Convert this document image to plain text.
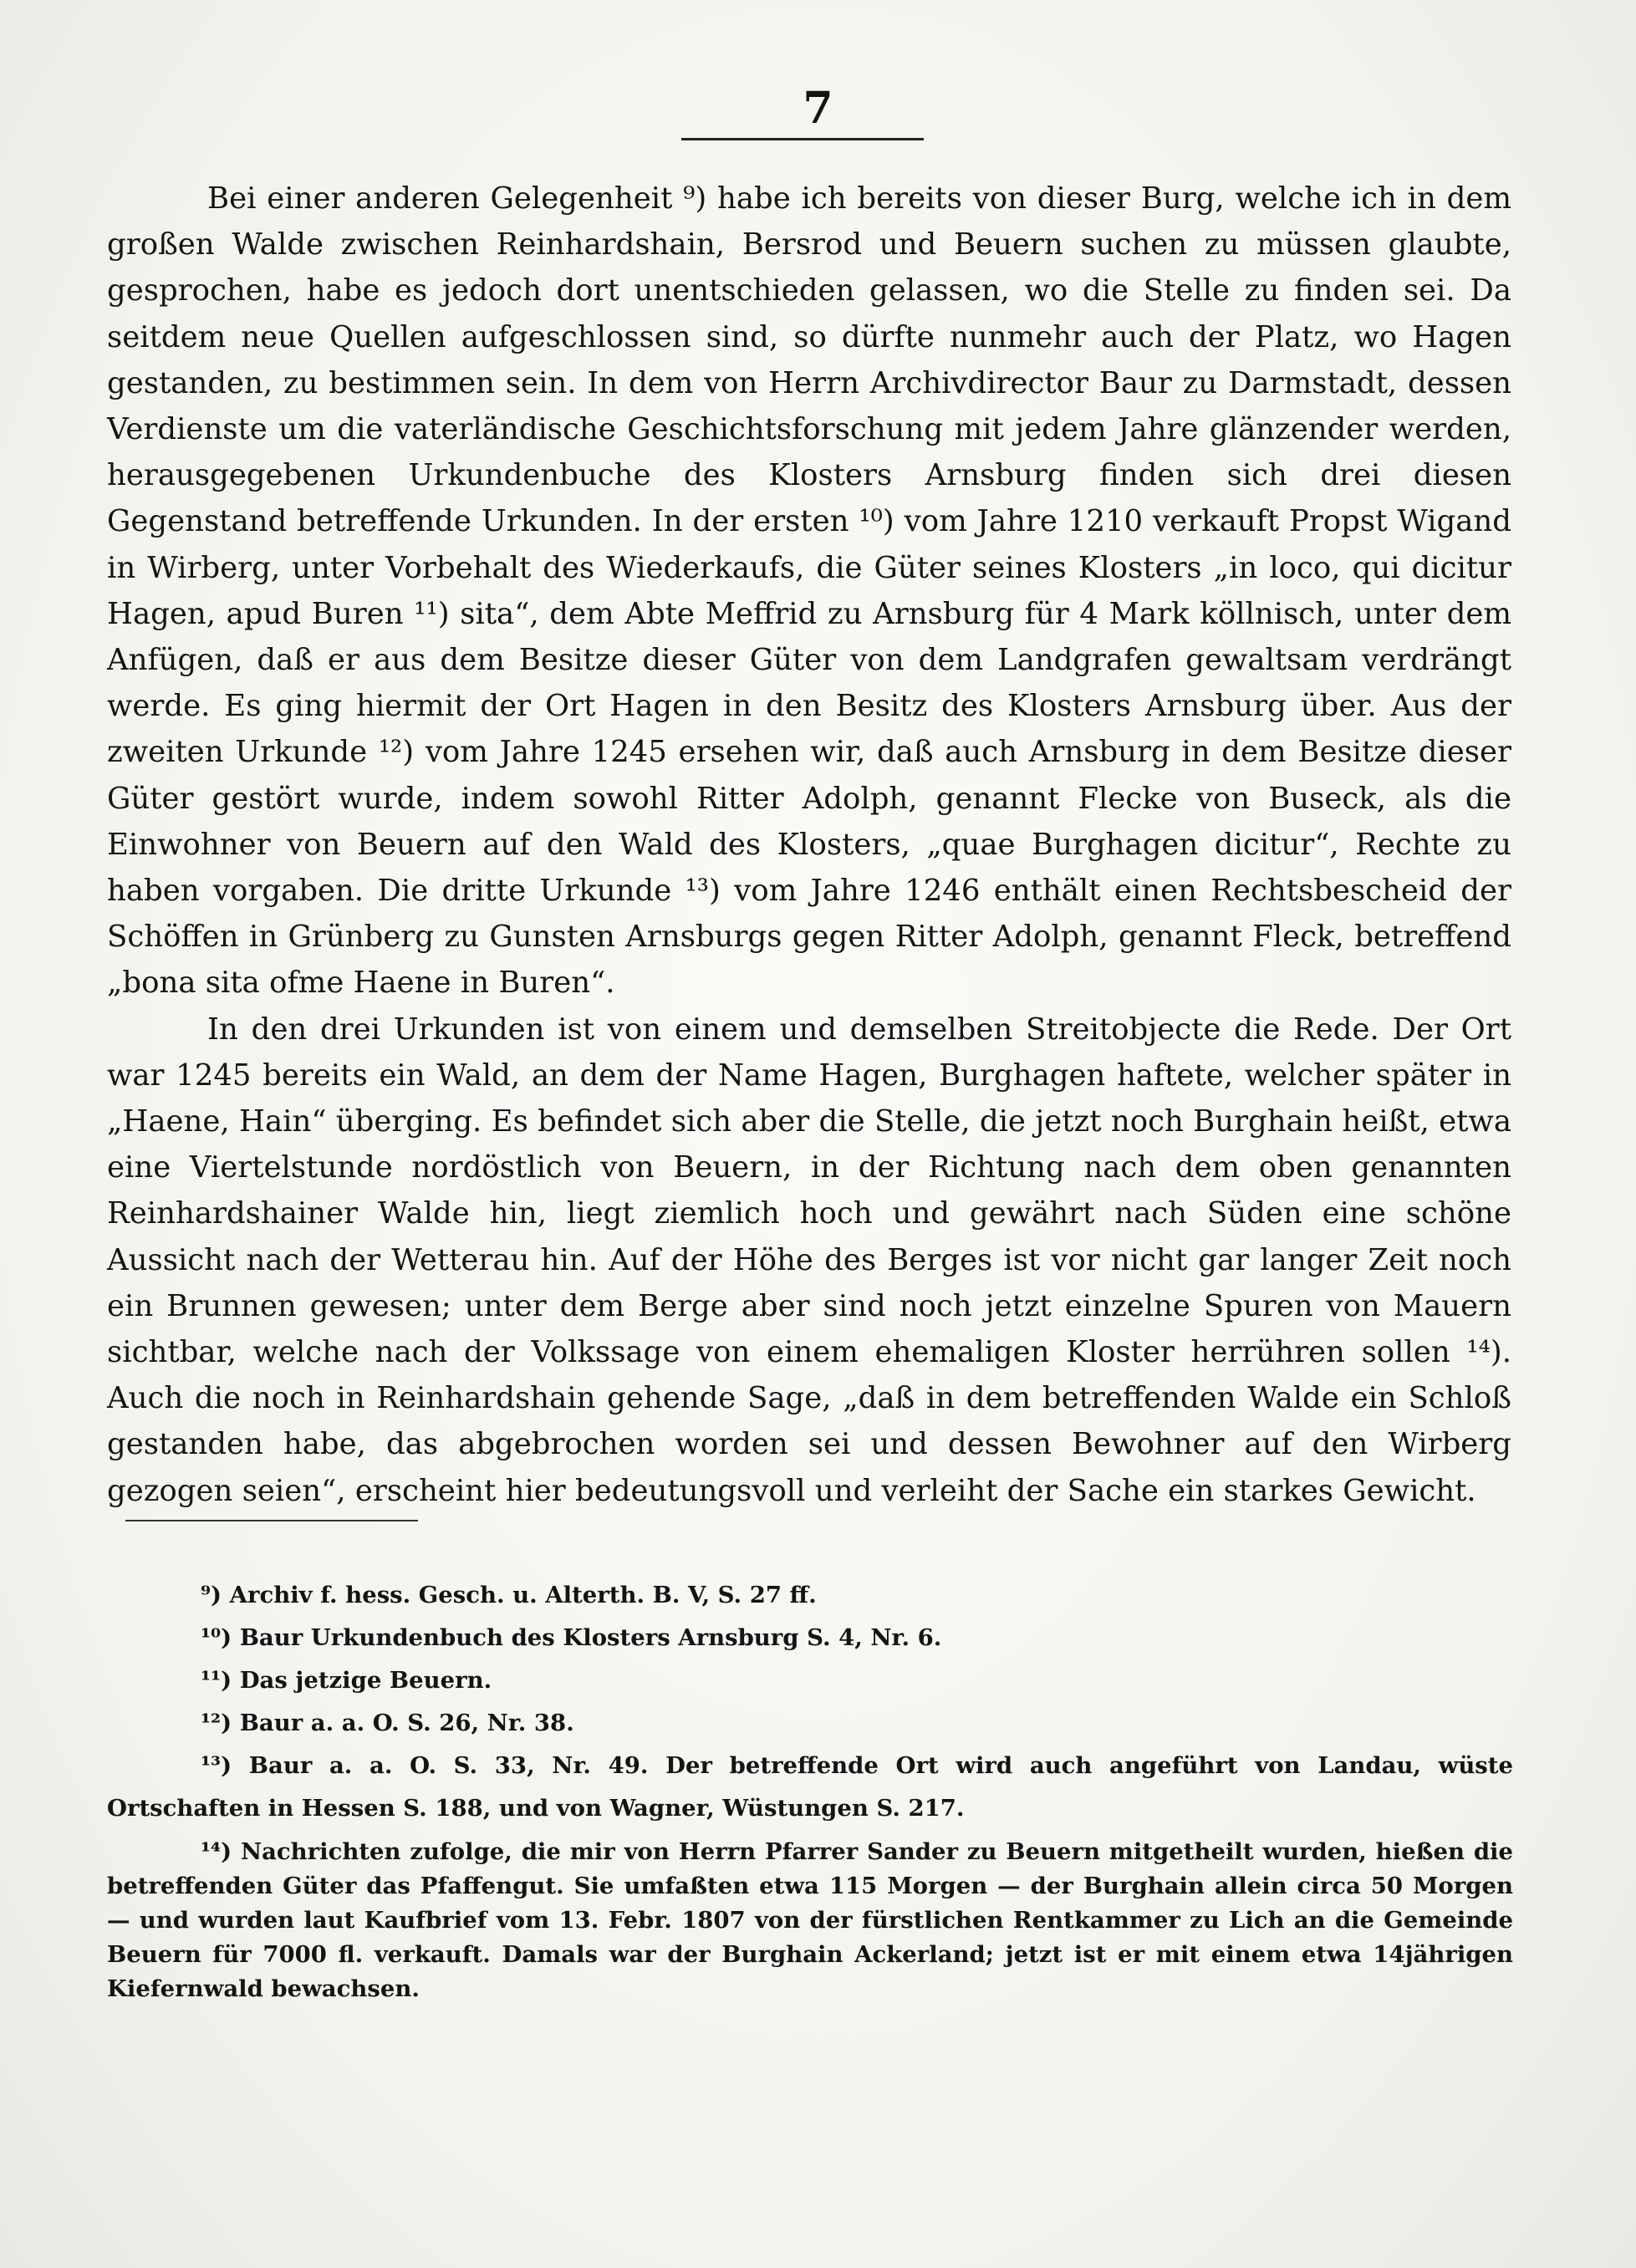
7

Bei einer anderen Gelegenheit ⁹) habe ich bereits von dieser Burg, welche ich in dem großen Walde zwischen Reinhardshain, Bersrod und Beuern suchen zu müssen glaubte, gesprochen, habe es jedoch dort unentschieden gelassen, wo die Stelle zu finden sei. Da seitdem neue Quellen aufgeschlossen sind, so dürfte nunmehr auch der Platz, wo Hagen gestanden, zu bestimmen sein. In dem von Herrn Archivdirector Baur zu Darmstadt, dessen Verdienste um die vaterländische Geschichtsforschung mit jedem Jahre glänzender werden, herausgegebenen Urkundenbuche des Klosters Arnsburg finden sich drei diesen Gegenstand betreffende Urkunden. In der ersten ¹⁰) vom Jahre 1210 verkauft Propst Wigand in Wirberg, unter Vorbehalt des Wiederkaufs, die Güter seines Klosters „in loco, qui dicitur Hagen, apud Buren ¹¹) sita“, dem Abte Meffrid zu Arnsburg für 4 Mark köllnisch, unter dem Anfügen, daß er aus dem Besitze dieser Güter von dem Landgrafen gewaltsam verdrängt werde. Es ging hiermit der Ort Hagen in den Besitz des Klosters Arnsburg über. Aus der zweiten Urkunde ¹²) vom Jahre 1245 ersehen wir, daß auch Arnsburg in dem Besitze dieser Güter gestört wurde, indem sowohl Ritter Adolph, genannt Flecke von Buseck, als die Einwohner von Beuern auf den Wald des Klosters, „quae Burghagen dicitur“, Rechte zu haben vorgaben. Die dritte Urkunde ¹³) vom Jahre 1246 enthält einen Rechtsbescheid der Schöffen in Grünberg zu Gunsten Arnsburgs gegen Ritter Adolph, genannt Fleck, betreffend „bona sita ofme Haene in Buren“.

In den drei Urkunden ist von einem und demselben Streitobjecte die Rede. Der Ort war 1245 bereits ein Wald, an dem der Name Hagen, Burghagen haftete, welcher später in „Haene, Hain“ überging. Es befindet sich aber die Stelle, die jetzt noch Burghain heißt, etwa eine Viertelstunde nordöstlich von Beuern, in der Richtung nach dem oben genannten Reinhardshainer Walde hin, liegt ziemlich hoch und gewährt nach Süden eine schöne Aussicht nach der Wetterau hin. Auf der Höhe des Berges ist vor nicht gar langer Zeit noch ein Brunnen gewesen; unter dem Berge aber sind noch jetzt einzelne Spuren von Mauern sichtbar, welche nach der Volkssage von einem ehemaligen Kloster herrühren sollen ¹⁴). Auch die noch in Reinhardshain gehende Sage, „daß in dem betreffenden Walde ein Schloß gestanden habe, das abgebrochen worden sei und dessen Bewohner auf den Wirberg gezogen seien“, erscheint hier bedeutungsvoll und verleiht der Sache ein starkes Gewicht.

⁹) Archiv f. hess. Gesch. u. Alterth. B. V, S. 27 ff.

¹⁰) Baur Urkundenbuch des Klosters Arnsburg S. 4, Nr. 6.

¹¹) Das jetzige Beuern.

¹²) Baur a. a. O. S. 26, Nr. 38.

¹³) Baur a. a. O. S. 33, Nr. 49. Der betreffende Ort wird auch angeführt von Landau, wüste Ortschaften in Hessen S. 188, und von Wagner, Wüstungen S. 217.

¹⁴) Nachrichten zufolge, die mir von Herrn Pfarrer Sander zu Beuern mitgetheilt wurden, hießen die betreffenden Güter das Pfaffengut. Sie umfaßten etwa 115 Morgen — der Burghain allein circa 50 Morgen — und wurden laut Kaufbrief vom 13. Febr. 1807 von der fürstlichen Rentkammer zu Lich an die Gemeinde Beuern für 7000 fl. verkauft. Damals war der Burghain Ackerland; jetzt ist er mit einem etwa 14jährigen Kiefernwald bewachsen.
